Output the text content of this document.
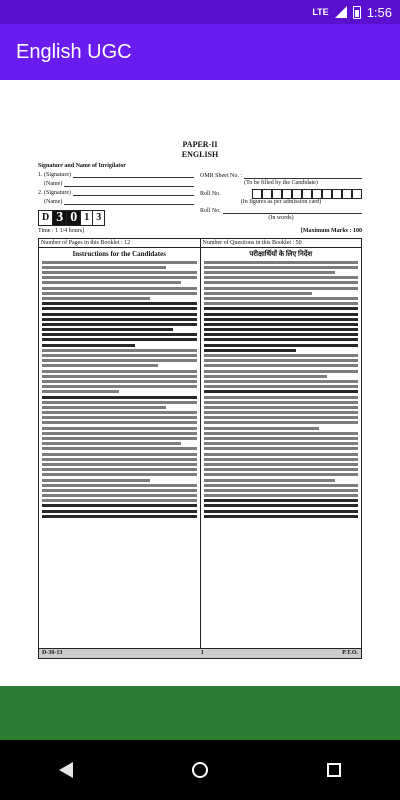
LTE	1:56
English UGC
PAPER-II
ENGLISH
Signature and Name of Invigilator
1. (Signature)
(Name)
2. (Signature)
(Name)
D 3 0 1 3
OMR Sheet No. :
(To be filled by the Candidate)
Roll No.
(In figures as per admission card)
Roll No.
(In words)
Time : 1 1/4 hours]	[Maximum Marks : 100
Number of Pages in this Booklet : 12	Number of Questions in this Booklet : 50
Instructions for the Candidates	परीक्षार्थियों के लिए निर्देश
D-30-13	1	P.T.O.
